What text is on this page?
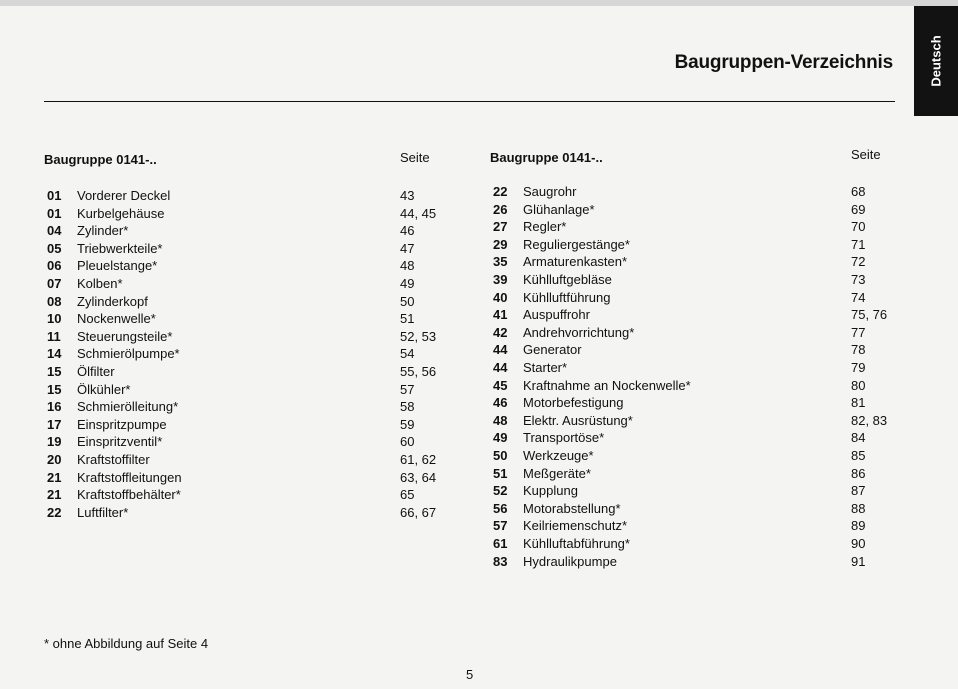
Deutsch
Baugruppen-Verzeichnis
Baugruppe 0141-..	Seite	Baugruppe 0141-..	Seite
01	Vorderer Deckel	43
01	Kurbelgehäuse	44, 45
04	Zylinder*	46
05	Triebwerkteile*	47
06	Pleuelstange*	48
07	Kolben*	49
08	Zylinderkopf	50
10	Nockenwelle*	51
11	Steuerungsteile*	52, 53
14	Schmierölpumpe*	54
15	Ölfilter	55, 56
15	Ölkühler*	57
16	Schmierölleitung*	58
17	Einspritzpumpe	59
19	Einspritzventil*	60
20	Kraftstoffilter	61, 62
21	Kraftstoffleitungen	63, 64
21	Kraftstoffbehälter*	65
22	Luftfilter*	66, 67
22	Saugrohr	68
26	Glühanlage*	69
27	Regler*	70
29	Reguliergestänge*	71
35	Armaturenkasten*	72
39	Kühlluftgebläse	73
40	Kühlluftführung	74
41	Auspuffrohr	75, 76
42	Andrehvorrichtung*	77
44	Generator	78
44	Starter*	79
45	Kraftnahme an Nockenwelle*	80
46	Motorbefestigung	81
48	Elektr. Ausrüstung*	82, 83
49	Transportöse*	84
50	Werkzeuge*	85
51	Meßgeräte*	86
52	Kupplung	87
56	Motorabstellung*	88
57	Keilriemenschutz*	89
61	Kühlluftabführung*	90
83	Hydraulikpumpe	91
* ohne Abbildung auf Seite 4
5
